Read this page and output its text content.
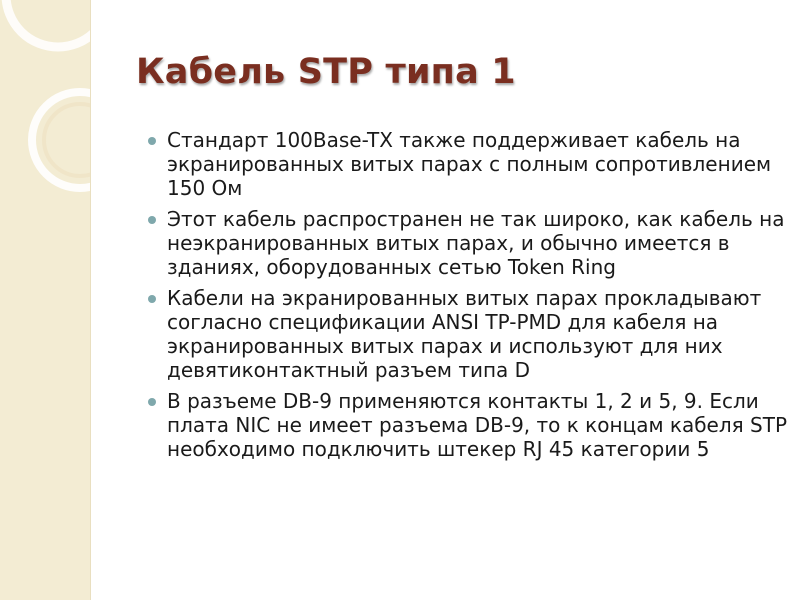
Кабель STP типа 1
Стандарт 100Base-TX также поддерживает кабель на экранированных витых парах с полным сопротивлением 150 Ом
Этот кабель распространен не так широко, как кабель на неэкранированных витых парах, и обычно имеется в зданиях, оборудованных сетью Token Ring
Кабели на экранированных витых парах прокладывают согласно спецификации ANSI TP-PMD для кабеля на экранированных витых парах и используют для них девятиконтактный разъем типа D
В разъеме DB-9 применяются контакты 1, 2 и 5, 9. Если плата NIC не имеет разъема DB-9, то к концам кабеля STP необходимо подключить штекер RJ 45 категории 5
